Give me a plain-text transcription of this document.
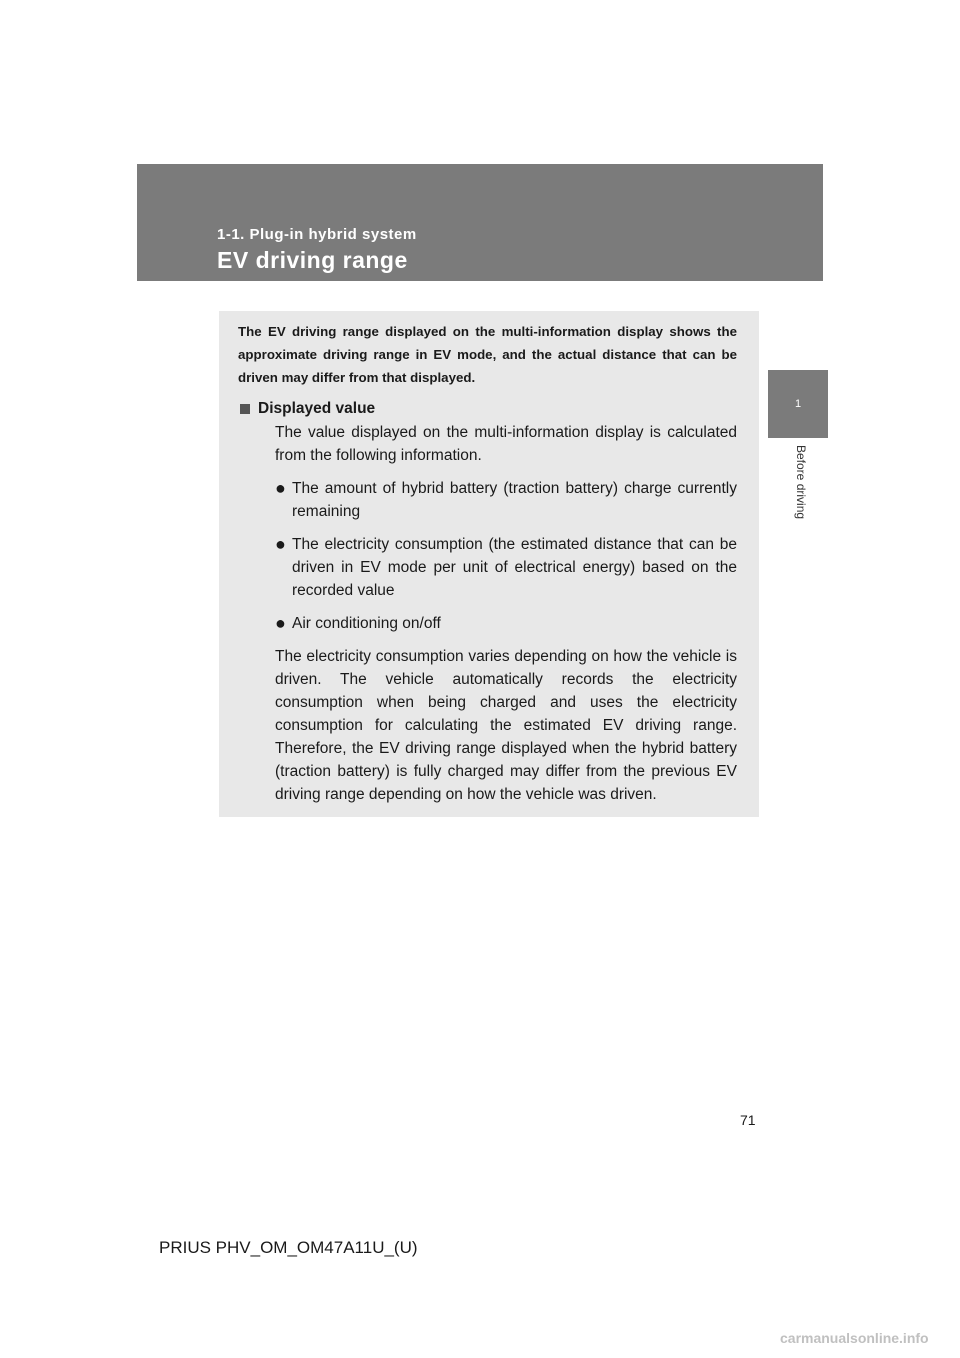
1-1. Plug-in hybrid system
EV driving range
1
Before driving

The EV driving range displayed on the multi-information display shows the approximate driving range in EV mode, and the actual distance that can be driven may differ from that displayed.

Displayed value

The value displayed on the multi-information display is calculated from the following information.

● The amount of hybrid battery (traction battery) charge currently remaining
● The electricity consumption (the estimated distance that can be driven in EV mode per unit of electrical energy) based on the recorded value
● Air conditioning on/off

The electricity consumption varies depending on how the vehicle is driven. The vehicle automatically records the electricity consumption when being charged and uses the electricity consumption for calculating the estimated EV driving range. Therefore, the EV driving range displayed when the hybrid battery (traction battery) is fully charged may differ from the previous EV driving range depending on how the vehicle was driven.

71
PRIUS PHV_OM_OM47A11U_(U)
carmanualsonline.info
